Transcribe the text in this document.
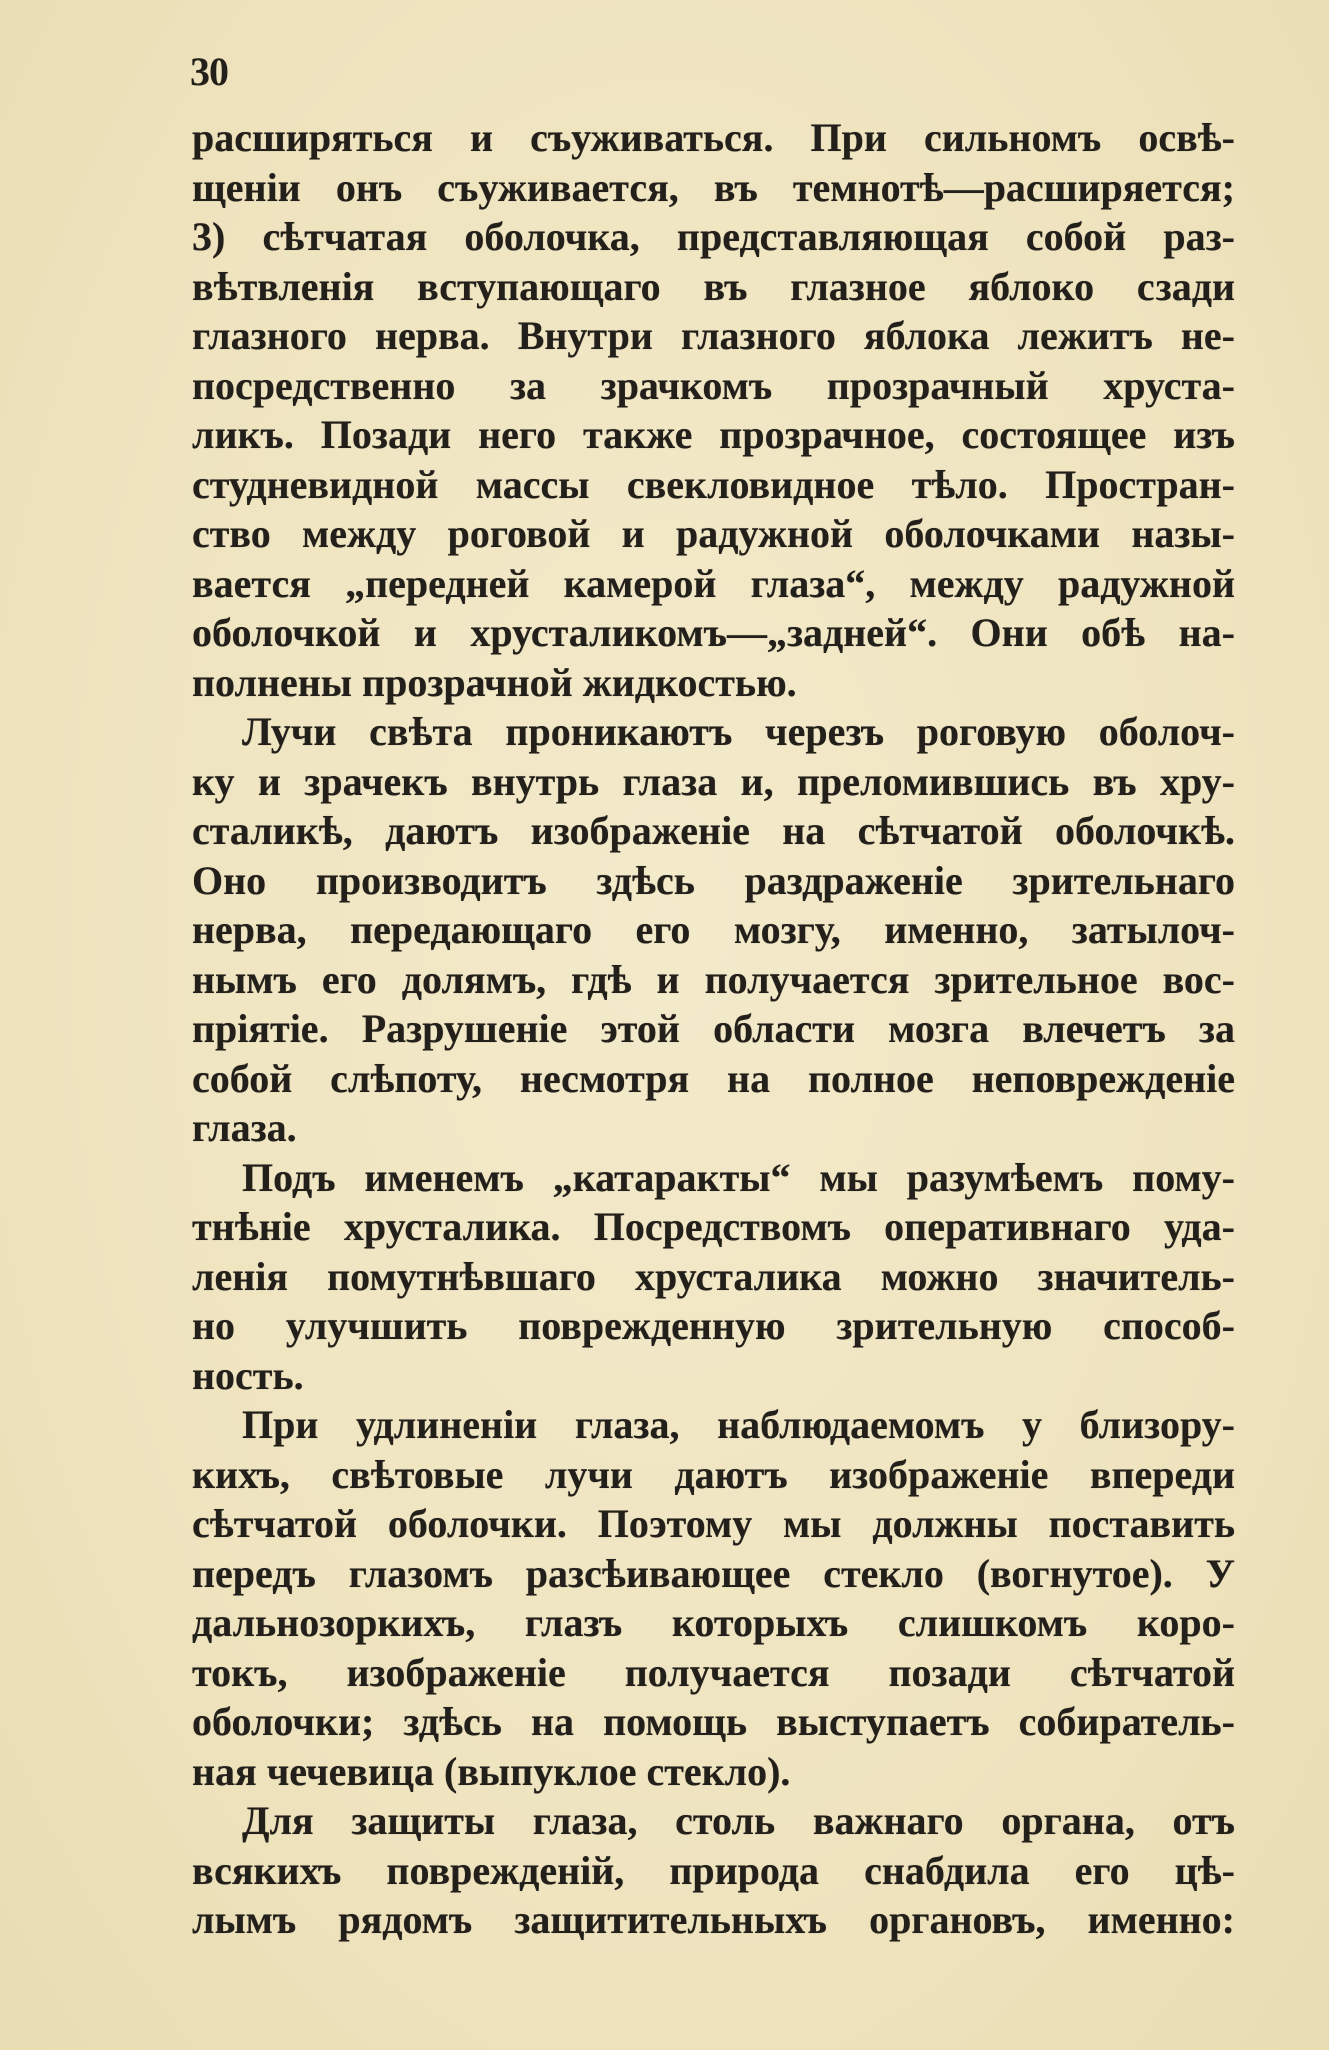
30
расширяться и съуживаться. При сильномъ освѣ-
щеніи онъ съуживается, въ темнотѣ—расширяется;
3) сѣтчатая оболочка, представляющая собой раз-
вѣтвленія вступающаго въ глазное яблоко сзади
глазного нерва. Внутри глазного яблока лежитъ не-
посредственно за зрачкомъ прозрачный хруста-
ликъ. Позади него также прозрачное, состоящее изъ
студневидной массы свекловидное тѣло. Простран-
ство между роговой и радужной оболочками назы-
вается „передней камерой глаза“, между радужной
оболочкой и хрусталикомъ—„задней“. Они обѣ на-
полнены прозрачной жидкостью.
Лучи свѣта проникаютъ черезъ роговую оболоч-
ку и зрачекъ внутрь глаза и, преломившись въ хру-
сталикѣ, даютъ изображеніе на сѣтчатой оболочкѣ.
Оно производитъ здѣсь раздраженіе зрительнаго
нерва, передающаго его мозгу, именно, затылоч-
нымъ его долямъ, гдѣ и получается зрительное вос-
пріятіе. Разрушеніе этой области мозга влечетъ за
собой слѣпоту, несмотря на полное неповрежденіе
глаза.
Подъ именемъ „катаракты“ мы разумѣемъ пому-
тнѣніе хрусталика. Посредствомъ оперативнаго уда-
ленія помутнѣвшаго хрусталика можно значитель-
но улучшить поврежденную зрительную способ-
ность.
При удлиненіи глаза, наблюдаемомъ у близору-
кихъ, свѣтовые лучи даютъ изображеніе впереди
сѣтчатой оболочки. Поэтому мы должны поставить
передъ глазомъ разсѣивающее стекло (вогнутое). У
дальнозоркихъ, глазъ которыхъ слишкомъ коро-
токъ, изображеніе получается позади сѣтчатой
оболочки; здѣсь на помощь выступаетъ собиратель-
ная чечевица (выпуклое стекло).
Для защиты глаза, столь важнаго органа, отъ
всякихъ поврежденій, природа снабдила его цѣ-
лымъ рядомъ защитительныхъ органовъ, именно:
